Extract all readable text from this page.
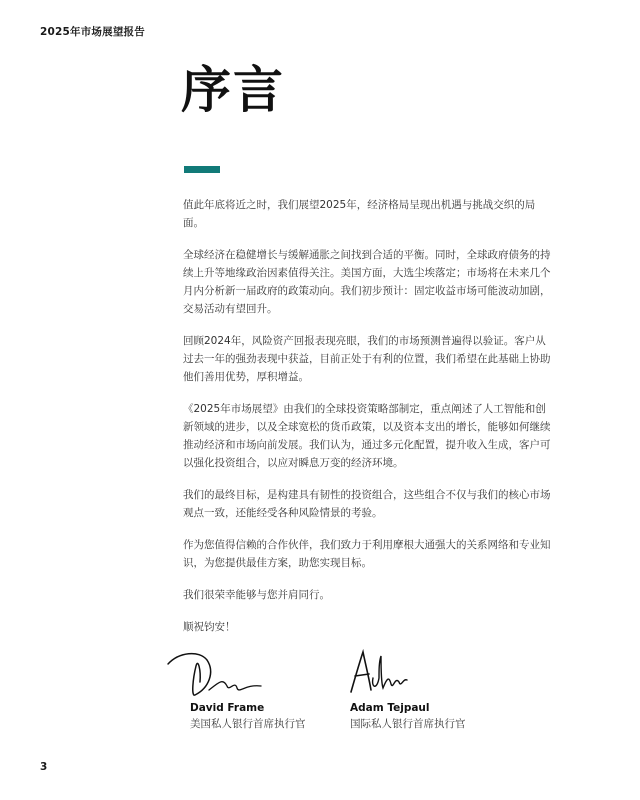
2025年市场展望报告
序言

值此年底将近之时，我们展望2025年，经济格局呈现出机遇与挑战交织的局面。

全球经济在稳健增长与缓解通胀之间找到合适的平衡。同时，全球政府债务的持续上升等地缘政治因素值得关注。美国方面，大选尘埃落定；市场将在未来几个月内分析新一届政府的政策动向。我们初步预计：固定收益市场可能波动加剧，交易活动有望回升。

回顾2024年，风险资产回报表现亮眼，我们的市场预测普遍得以验证。客户从过去一年的强劲表现中获益，目前正处于有利的位置，我们希望在此基础上协助他们善用优势，厚积增益。

《2025年市场展望》由我们的全球投资策略部制定，重点阐述了人工智能和创新领域的进步，以及全球宽松的货币政策，以及资本支出的增长，能够如何继续推动经济和市场向前发展。我们认为，通过多元化配置，提升收入生成，客户可以强化投资组合，以应对瞬息万变的经济环境。

我们的最终目标，是构建具有韧性的投资组合，这些组合不仅与我们的核心市场观点一致，还能经受各种风险情景的考验。

作为您值得信赖的合作伙伴，我们致力于利用摩根大通强大的关系网络和专业知识，为您提供最佳方案，助您实现目标。

我们很荣幸能够与您并肩同行。

顺祝钧安！

David Frame
美国私人银行首席执行官
Adam Tejpaul
国际私人银行首席执行官
3
